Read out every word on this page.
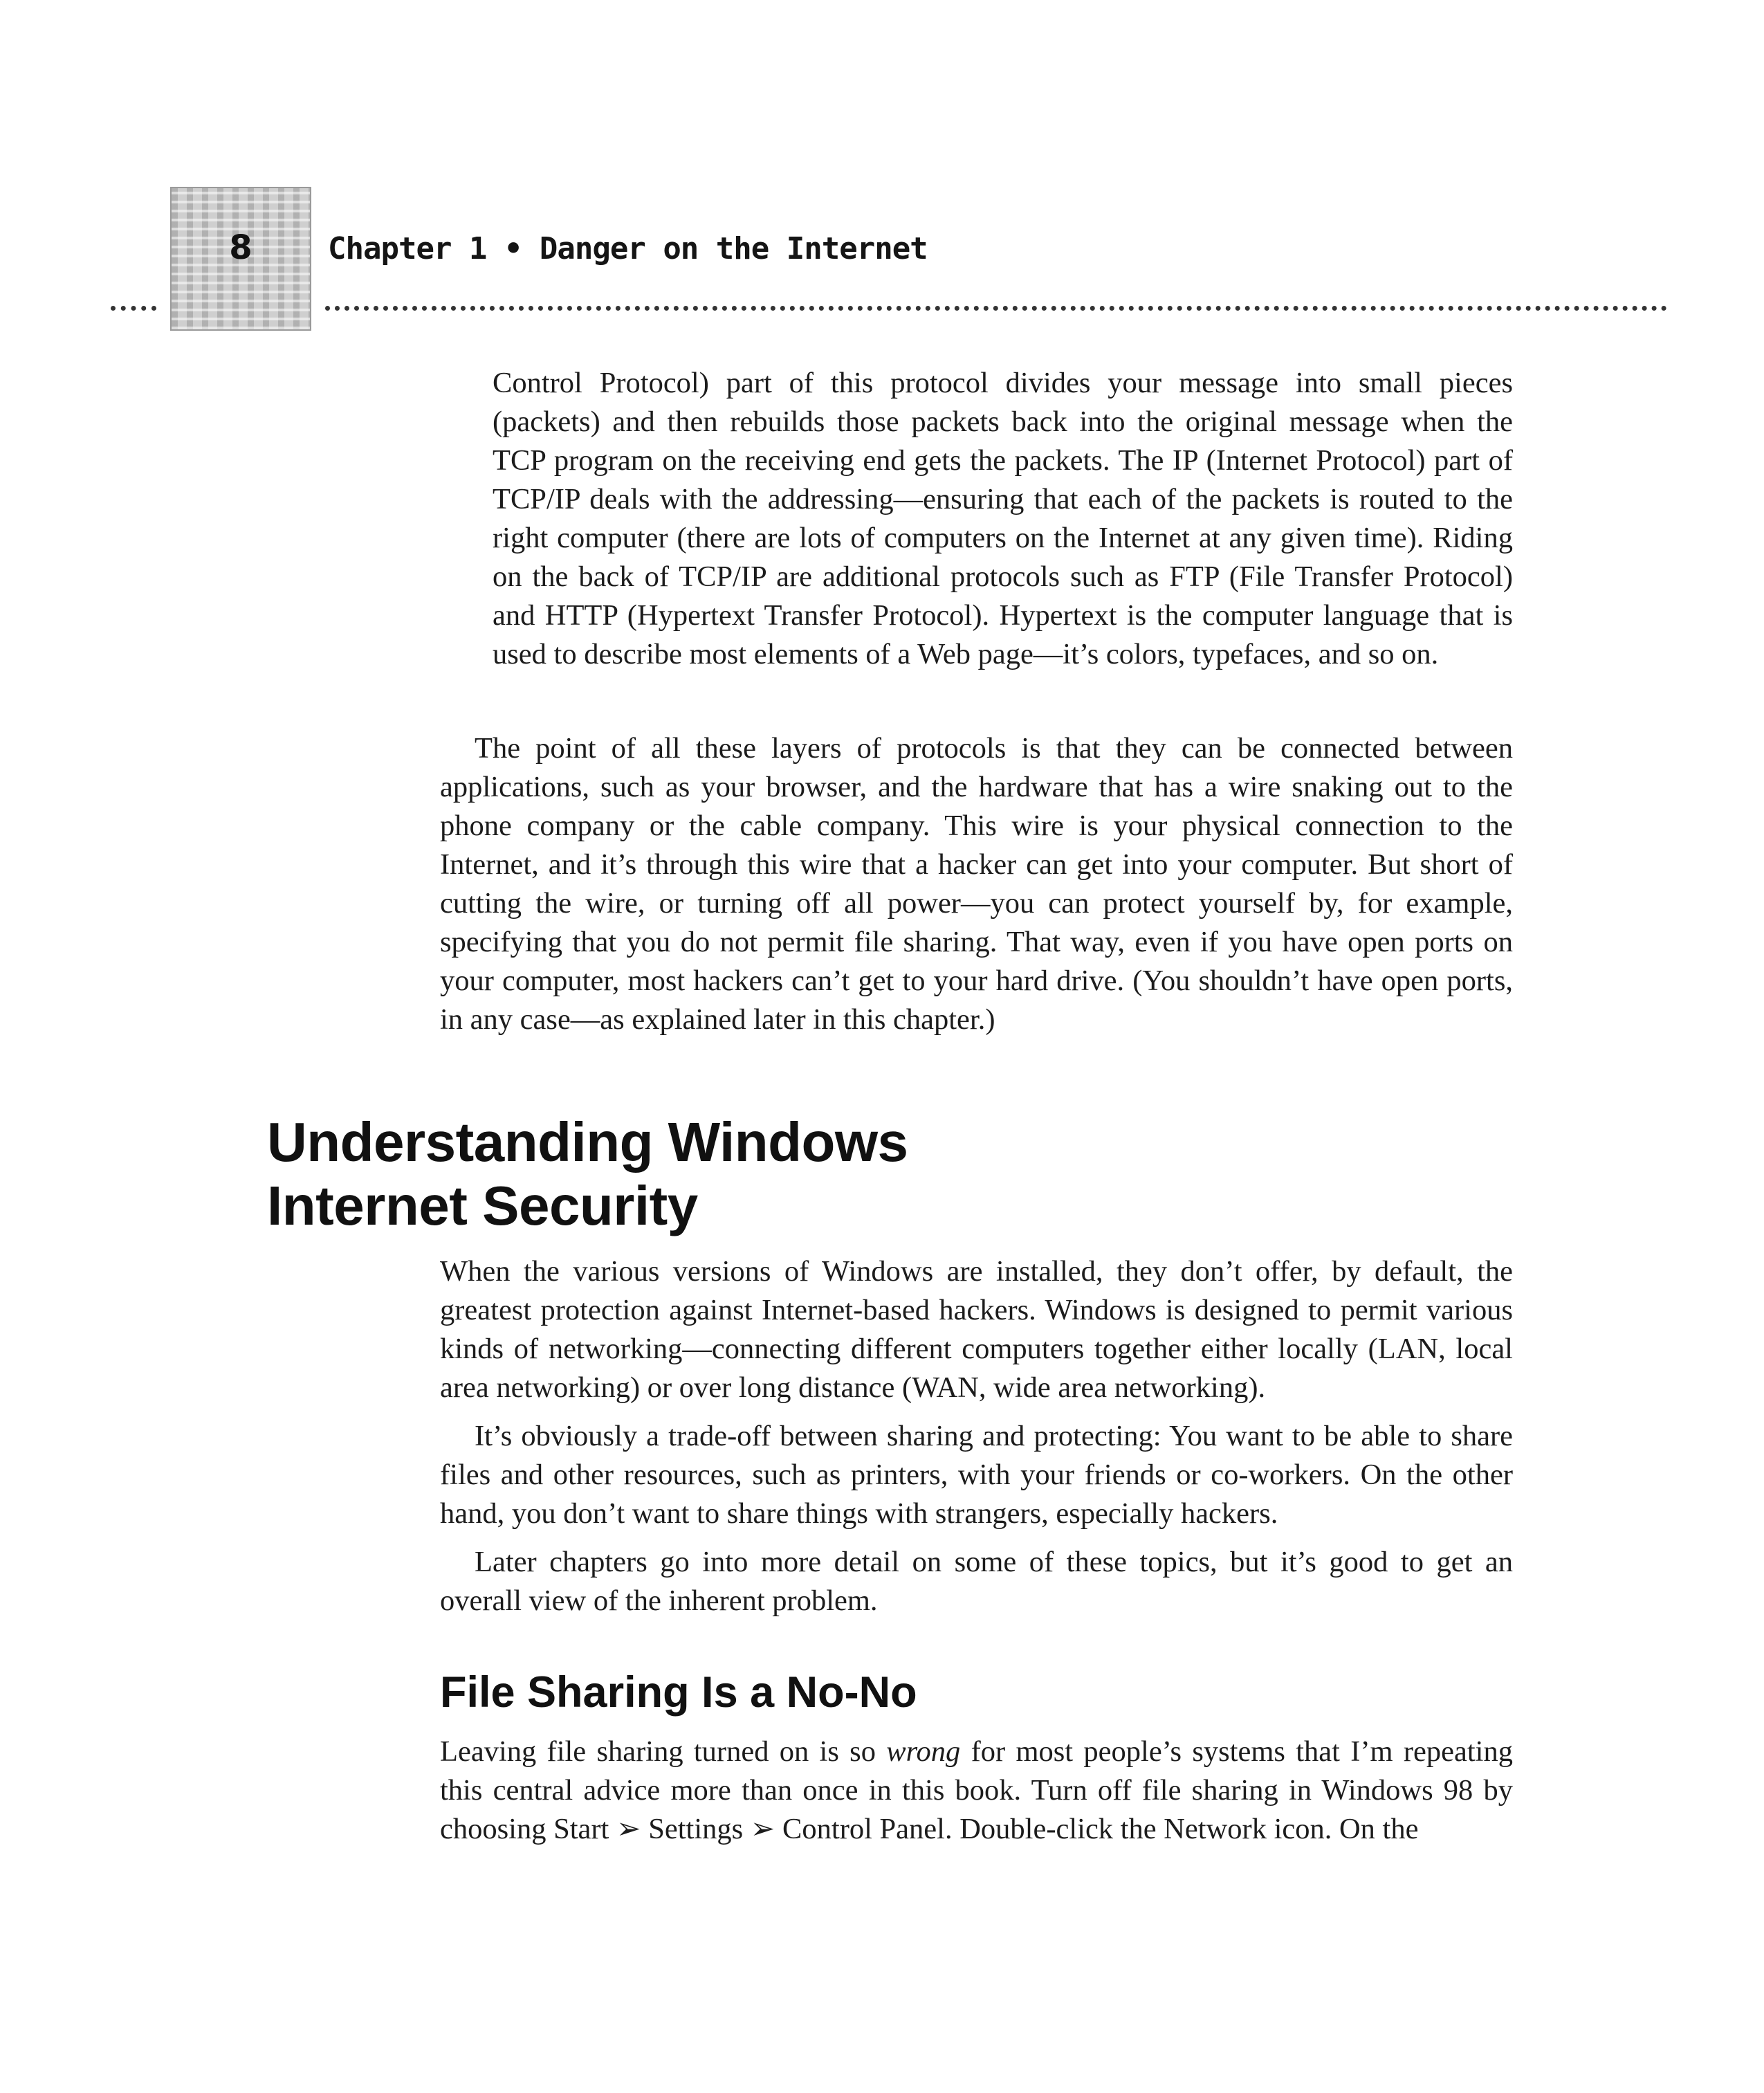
8	Chapter 1 • Danger on the Internet

Control Protocol) part of this protocol divides your message into small pieces (packets) and then rebuilds those packets back into the original message when the TCP program on the receiving end gets the packets. The IP (Internet Protocol) part of TCP/IP deals with the addressing—ensuring that each of the packets is routed to the right computer (there are lots of computers on the Internet at any given time). Riding on the back of TCP/IP are additional protocols such as FTP (File Transfer Protocol) and HTTP (Hypertext Transfer Protocol). Hypertext is the computer language that is used to describe most elements of a Web page—it’s colors, typefaces, and so on.

The point of all these layers of protocols is that they can be connected between applications, such as your browser, and the hardware that has a wire snaking out to the phone company or the cable company. This wire is your physical connection to the Internet, and it’s through this wire that a hacker can get into your computer. But short of cutting the wire, or turning off all power—you can protect yourself by, for example, specifying that you do not permit file sharing. That way, even if you have open ports on your computer, most hackers can’t get to your hard drive. (You shouldn’t have open ports, in any case—as explained later in this chapter.)

Understanding Windows
Internet Security

When the various versions of Windows are installed, they don’t offer, by default, the greatest protection against Internet-based hackers. Windows is designed to permit various kinds of networking—connecting different computers together either locally (LAN, local area networking) or over long distance (WAN, wide area networking).

It’s obviously a trade-off between sharing and protecting: You want to be able to share files and other resources, such as printers, with your friends or co-workers. On the other hand, you don’t want to share things with strangers, especially hackers.

Later chapters go into more detail on some of these topics, but it’s good to get an overall view of the inherent problem.

File Sharing Is a No-No

Leaving file sharing turned on is so wrong for most people’s systems that I’m repeating this central advice more than once in this book. Turn off file sharing in Windows 98 by choosing Start ➢ Settings ➢ Control Panel. Double-click the Network icon. On the
